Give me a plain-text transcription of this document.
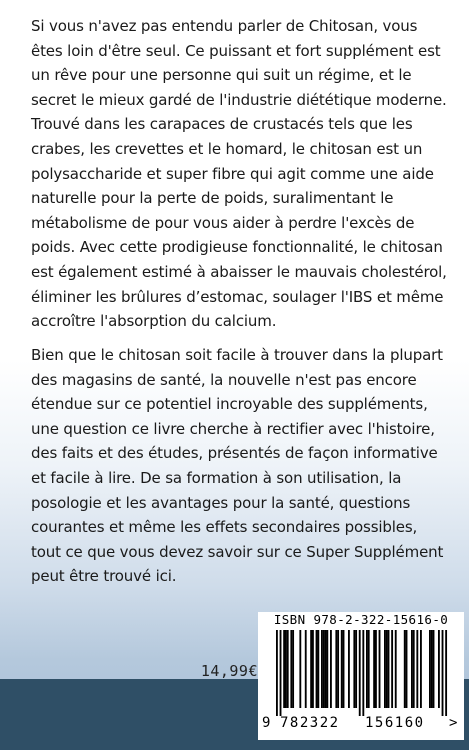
Si vous n'avez pas entendu parler de Chitosan, vous êtes loin d'être seul. Ce puissant et fort supplément est un rêve pour une personne qui suit un régime, et le secret le mieux gardé de l'industrie diététique moderne. Trouvé dans les carapaces de crustacés tels que les crabes, les crevettes et le homard, le chitosan est un polysaccharide et super fibre qui agit comme une aide naturelle pour la perte de poids, suralimentant le métabolisme de pour vous aider à perdre l'excès de poids. Avec cette prodigieuse fonctionnalité, le chitosan est également estimé à abaisser le mauvais cholestérol, éliminer les brûlures d’estomac, soulager l'IBS et même accroître l'absorption du calcium.

Bien que le chitosan soit facile à trouver dans la plupart des magasins de santé, la nouvelle n'est pas encore étendue sur ce potentiel incroyable des suppléments, une question ce livre cherche à rectifier avec l'histoire, des faits et des études, présentés de façon informative et facile à lire. De sa formation à son utilisation, la posologie et les avantages pour la santé, questions courantes et même les effets secondaires possibles, tout ce que vous devez savoir sur ce Super Supplément peut être trouvé ici.

14,99€
ISBN 978-2-322-15616-0
9 782322 156160 >
